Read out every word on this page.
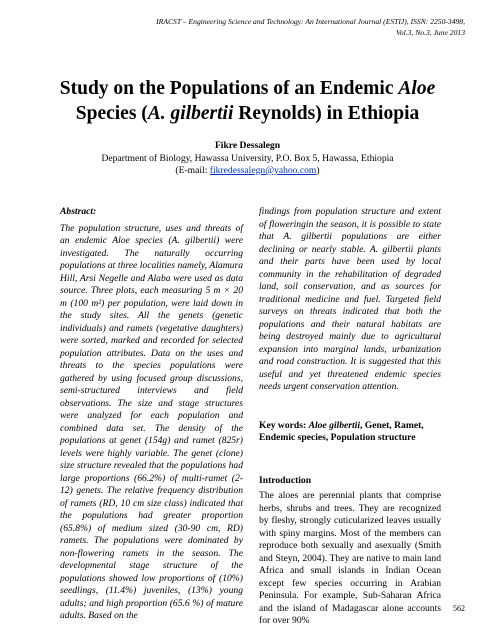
IRACST – Engineering Science and Technology: An International Journal (ESTIJ), ISSN: 2250-3498,
Vol.3, No.3, June 2013
Study on the Populations of an Endemic Aloe
Species (A. gilbertii Reynolds) in Ethiopia
Fikre Dessalegn
Department of Biology, Hawassa University, P.O. Box 5, Hawassa, Ethiopia
(E-mail: fikredessalegn@yahoo.com)
Abstract:

The population structure, uses and threats of an endemic Aloe species (A. gilbertii) were investigated. The naturally occurring populations at three localities namely, Alamura Hill, Arsi Negelle and Alaba were used as data source. Three plots, each measuring 5 m × 20 m (100 m²) per population, were laid down in the study sites. All the genets (genetic individuals) and ramets (vegetative daughters) were sorted, marked and recorded for selected population attributes. Data on the uses and threats to the species populations were gathered by using focused group discussions, semi-structured interviews and field observations. The size and stage structures were analyzed for each population and combined data set. The density of the populations at genet (154g) and ramet (825r) levels were highly variable. The genet (clone) size structure revealed that the populations had large proportions (66.2%) of multi-ramet (2-12) genets. The relative frequency distribution of ramets (RD, 10 cm size class) indicated that the populations had greater proportion (65.8%) of medium sized (30-90 cm, RD) ramets. The populations were dominated by non-flowering ramets in the season. The developmental stage structure of the populations showed low proportions of (10%) seedlings, (11.4%) juveniles, (13%) young adults; and high proportion (65.6 %) of mature adults. Based on the

findings from population structure and extent of floweringin the season, it is possible to state that A. gilbertii populations are either declining or nearly stable. A. gilbertii plants and their parts have been used by local community in the rehabilitation of degraded land, soil conservation, and as sources for traditional medicine and fuel. Targeted field surveys on threats indicated that both the populations and their natural habitats are being destroyed mainly due to agricultural expansion into marginal lands, urbanization and road construction. It is suggested that this useful and yet threatened endemic species needs urgent conservation attention.

Key words: Aloe gilbertii, Genet, Ramet, Endemic species, Population structure

Introduction

The aloes are perennial plants that comprise herbs, shrubs and trees. They are recognized by fleshy, strongly cuticularized leaves usually with spiny margins. Most of the members can reproduce both sexually and asexually (Smith and Steyn, 2004). They are native to main land Africa and small islands in Indian Ocean except few species occurring in Arabian Peninsula. For example, Sub-Saharan Africa and the island of Madagascar alone accounts for over 90%

562
